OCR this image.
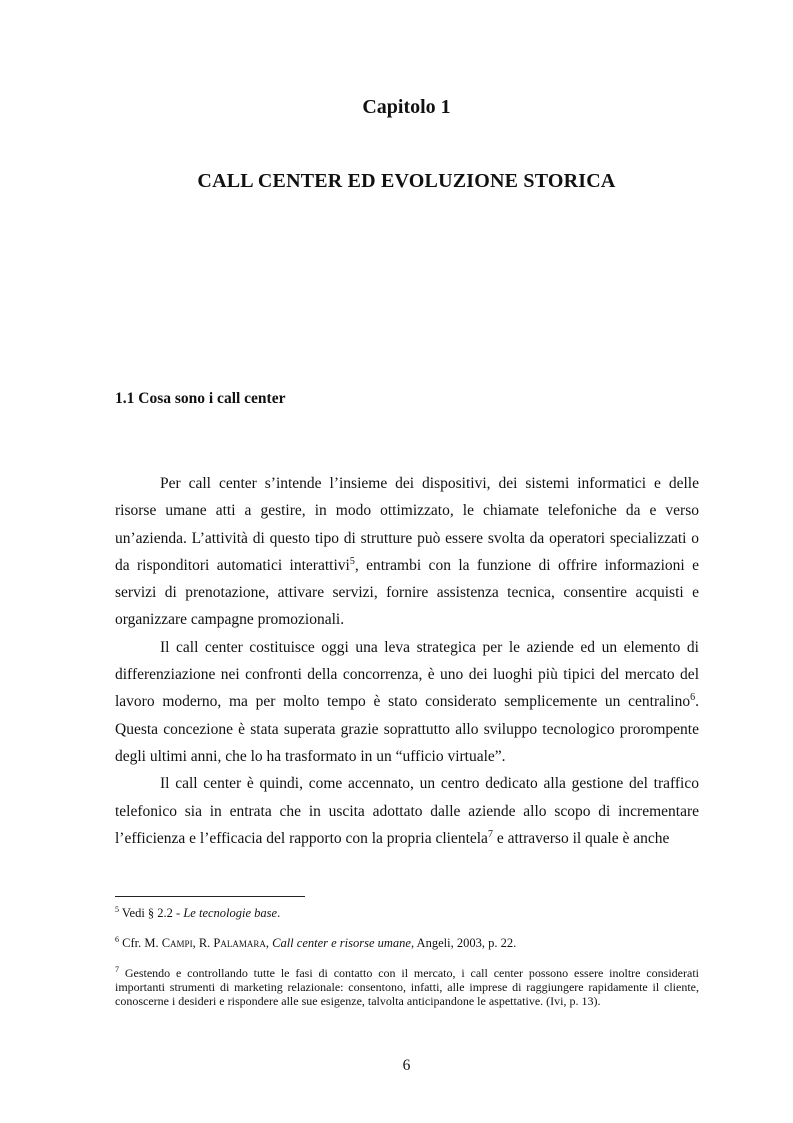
Capitolo 1
CALL CENTER ED EVOLUZIONE STORICA
1.1 Cosa sono i call center

Per call center s’intende l’insieme dei dispositivi, dei sistemi informatici e delle risorse umane atti a gestire, in modo ottimizzato, le chiamate telefoniche da e verso un’azienda. L’attività di questo tipo di strutture può essere svolta da operatori specializzati o da risponditori automatici interattivi$^5$, entrambi con la funzione di offrire informazioni e servizi di prenotazione, attivare servizi, fornire assistenza tecnica, consentire acquisti e organizzare campagne promozionali.

Il call center costituisce oggi una leva strategica per le aziende ed un elemento di differenziazione nei confronti della concorrenza, è uno dei luoghi più tipici del mercato del lavoro moderno, ma per molto tempo è stato considerato semplicemente un centralino$^6$. Questa concezione è stata superata grazie soprattutto allo sviluppo tecnologico prorompente degli ultimi anni, che lo ha trasformato in un “ufficio virtuale”.

Il call center è quindi, come accennato, un centro dedicato alla gestione del traffico telefonico sia in entrata che in uscita adottato dalle aziende allo scopo di incrementare l’efficienza e l’efficacia del rapporto con la propria clientela$^7$ e attraverso il quale è anche

$^5$ Vedi § 2.2 - Le tecnologie base.
$^6$ Cfr. M. Campi, R. Palamara, Call center e risorse umane, Angeli, 2003, p. 22.
$^7$ Gestendo e controllando tutte le fasi di contatto con il mercato, i call center possono essere inoltre considerati importanti strumenti di marketing relazionale: consentono, infatti, alle imprese di raggiungere rapidamente il cliente, conoscerne i desideri e rispondere alle sue esigenze, talvolta anticipandone le aspettative. (Ivi, p. 13).
6
